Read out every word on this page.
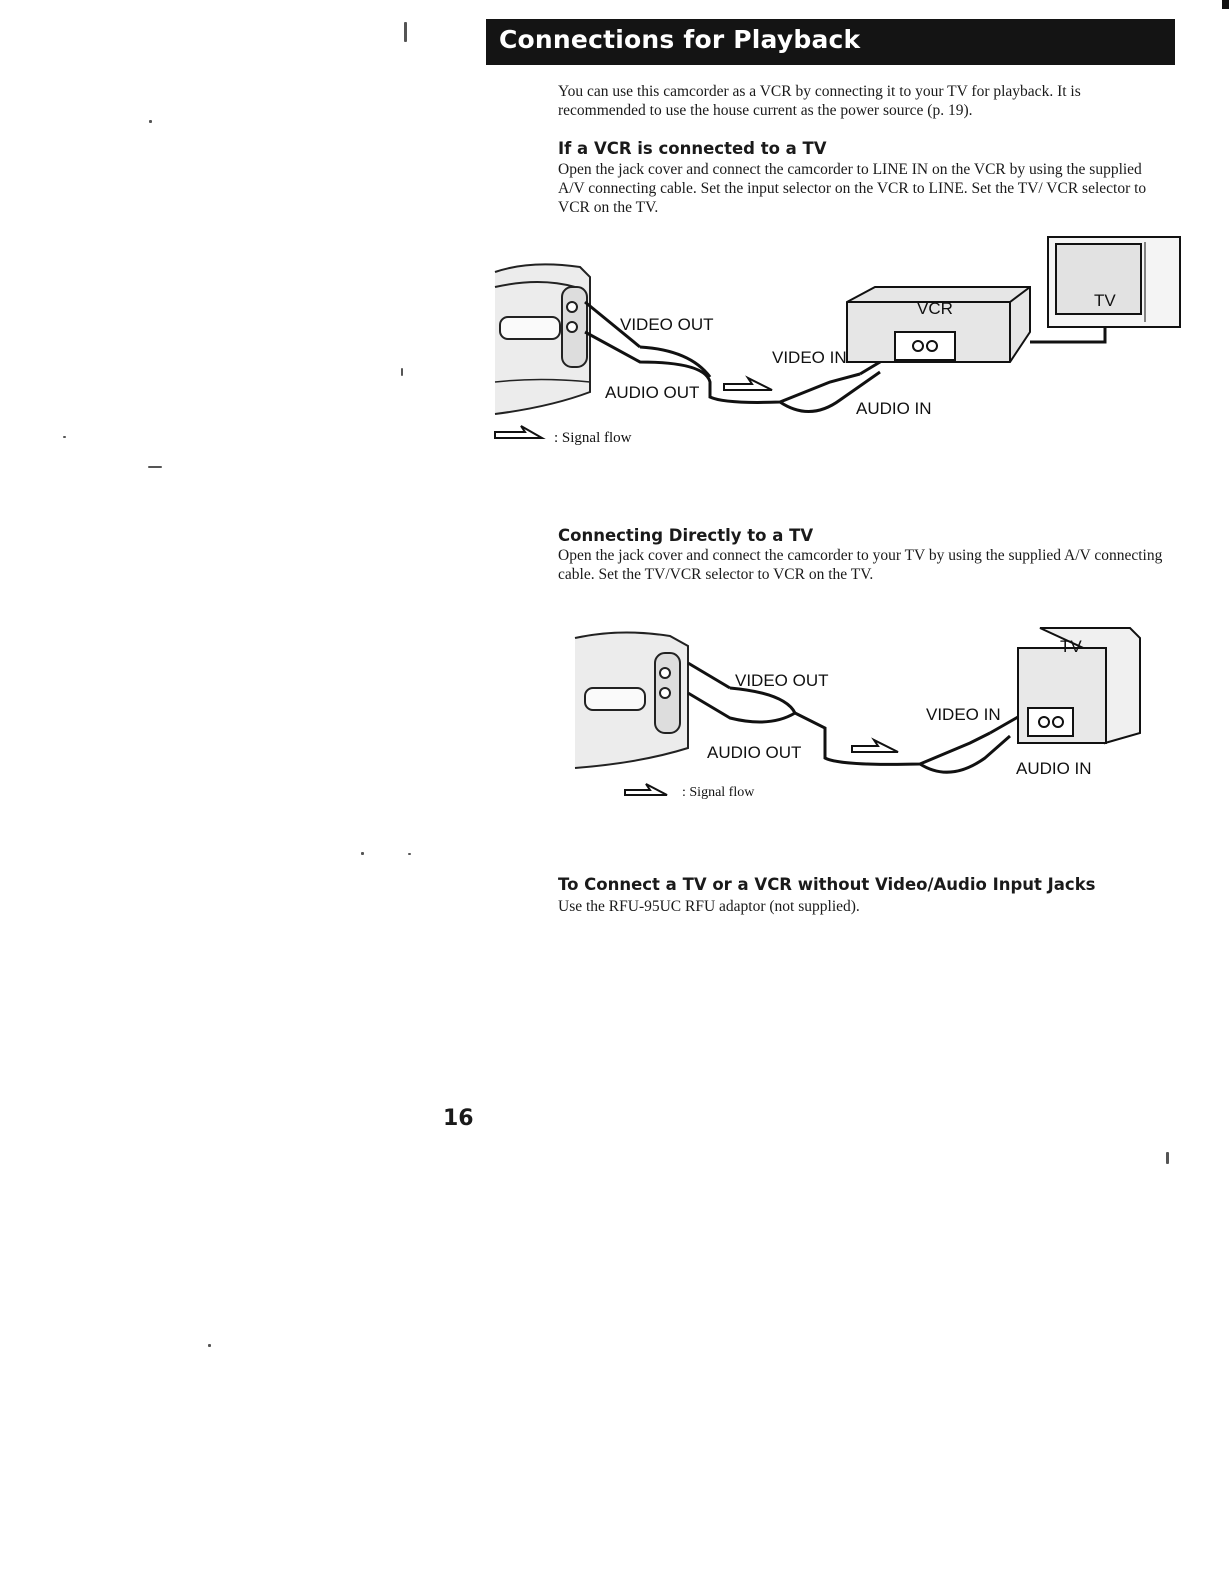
Connections for Playback
You can use this camcorder as a VCR by connecting it to your TV for playback. It is recommended to use the house current as the power source (p. 19).
If a VCR is connected to a TV
Open the jack cover and connect the camcorder to LINE IN on the VCR by using the supplied A/V connecting cable. Set the input selector on the VCR to LINE. Set the TV/ VCR selector to VCR on the TV.
VIDEO OUT
AUDIO OUT
VIDEO IN
AUDIO IN
VCR	TV
: Signal flow
Connecting Directly to a TV
Open the jack cover and connect the camcorder to your TV by using the supplied A/V connecting cable. Set the TV/VCR selector to VCR on the TV.
VIDEO OUT
AUDIO OUT
VIDEO IN
AUDIO IN
TV
: Signal flow
To Connect a TV or a VCR without Video/Audio Input Jacks
Use the RFU-95UC RFU adaptor (not supplied).
16
